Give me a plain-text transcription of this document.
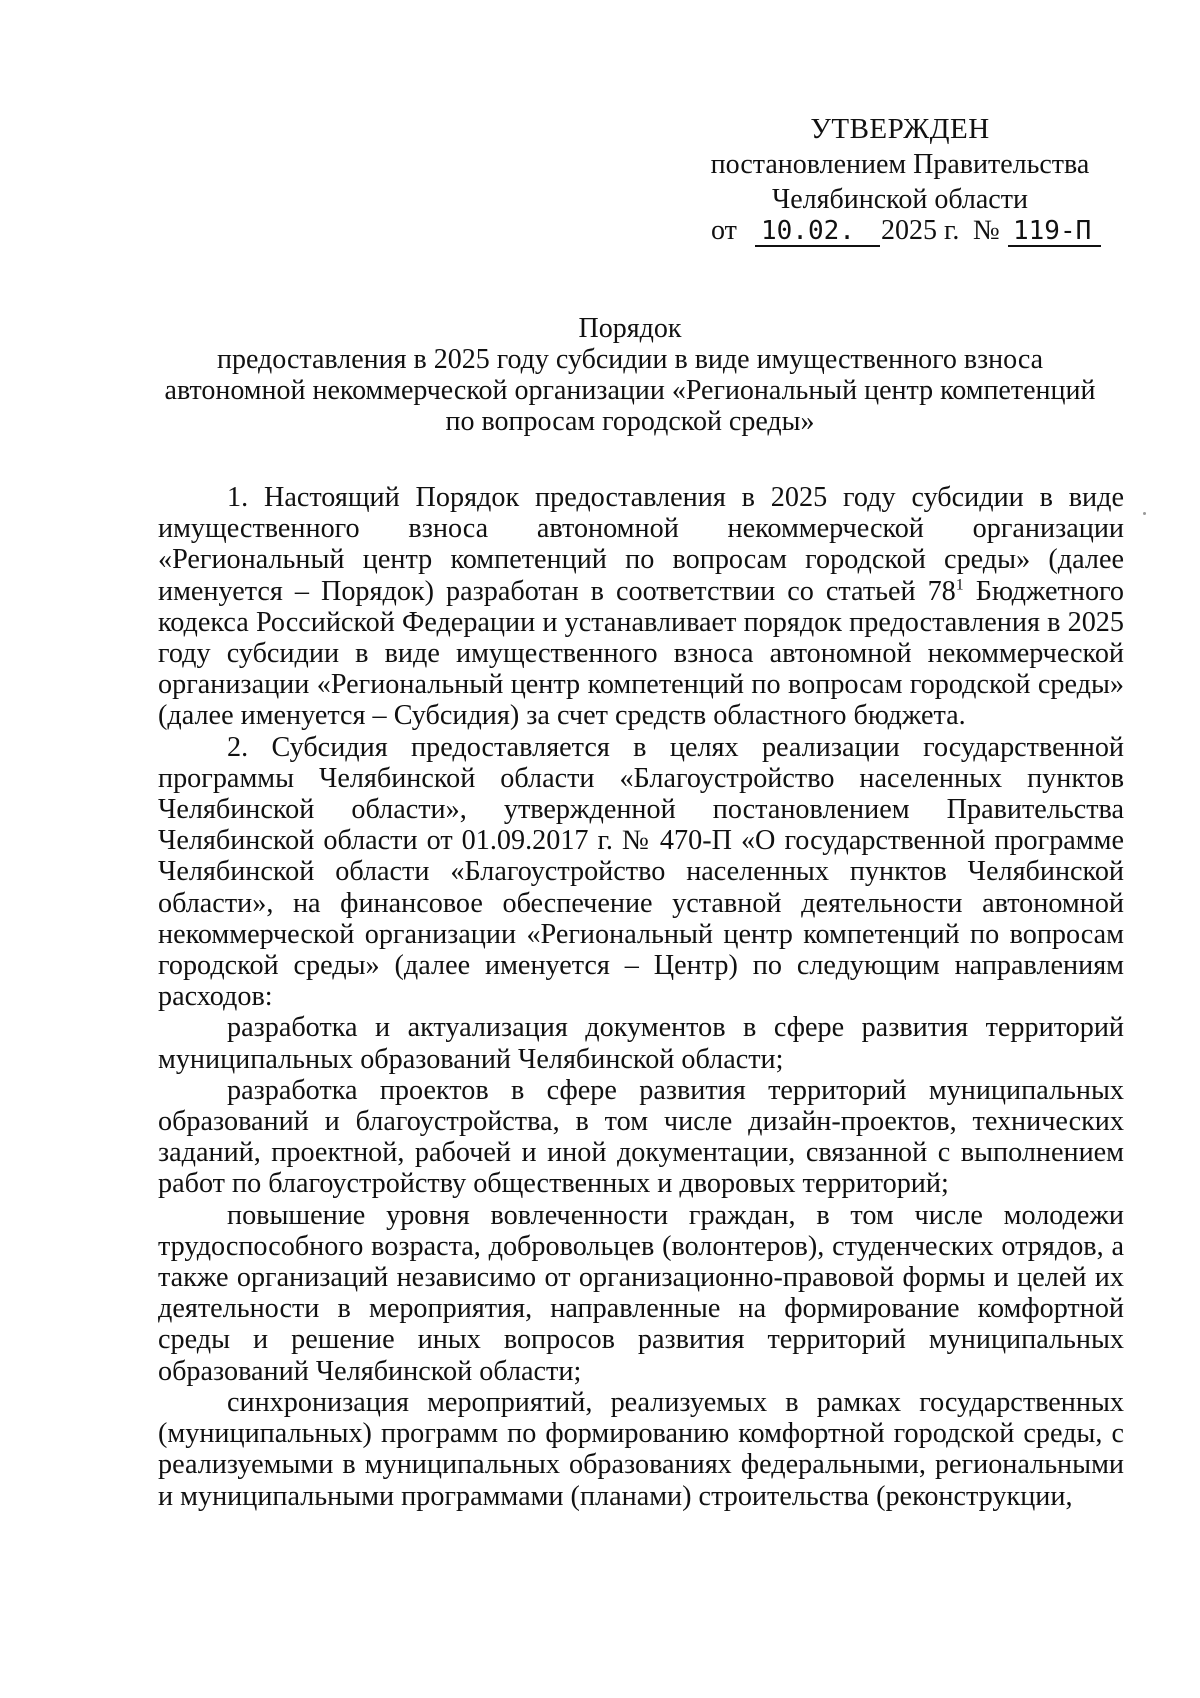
УТВЕРЖДЕН
постановлением Правительства
Челябинской области
от 10.02. 2025 г. № 119-П
Порядок
предоставления в 2025 году субсидии в виде имущественного взноса
автономной некоммерческой организации «Региональный центр компетенций
по вопросам городской среды»

1. Настоящий Порядок предоставления в 2025 году субсидии в виде имущественного взноса автономной некоммерческой организации «Региональный центр компетенций по вопросам городской среды» (далее именуется – Порядок) разработан в соответствии со статьей $78^1$ Бюджетного кодекса Российской Федерации и устанавливает порядок предоставления в 2025 году субсидии в виде имущественного взноса автономной некоммерческой организации «Региональный центр компетенций по вопросам городской среды» (далее именуется – Субсидия) за счет средств областного бюджета.

2. Субсидия предоставляется в целях реализации государственной программы Челябинской области «Благоустройство населенных пунктов Челябинской области», утвержденной постановлением Правительства Челябинской области от 01.09.2017 г. № 470-П «О государственной программе Челябинской области «Благоустройство населенных пунктов Челябинской области», на финансовое обеспечение уставной деятельности автономной некоммерческой организации «Региональный центр компетенций по вопросам городской среды» (далее именуется – Центр) по следующим направлениям расходов:

разработка и актуализация документов в сфере развития территорий муниципальных образований Челябинской области;

разработка проектов в сфере развития территорий муниципальных образований и благоустройства, в том числе дизайн-проектов, технических заданий, проектной, рабочей и иной документации, связанной с выполнением работ по благоустройству общественных и дворовых территорий;

повышение уровня вовлеченности граждан, в том числе молодежи трудоспособного возраста, добровольцев (волонтеров), студенческих отрядов, а также организаций независимо от организационно-правовой формы и целей их деятельности в мероприятия, направленные на формирование комфортной среды и решение иных вопросов развития территорий муниципальных образований Челябинской области;

синхронизация мероприятий, реализуемых в рамках государственных (муниципальных) программ по формированию комфортной городской среды, с реализуемыми в муниципальных образованиях федеральными, региональными и муниципальными программами (планами) строительства (реконструкции,
